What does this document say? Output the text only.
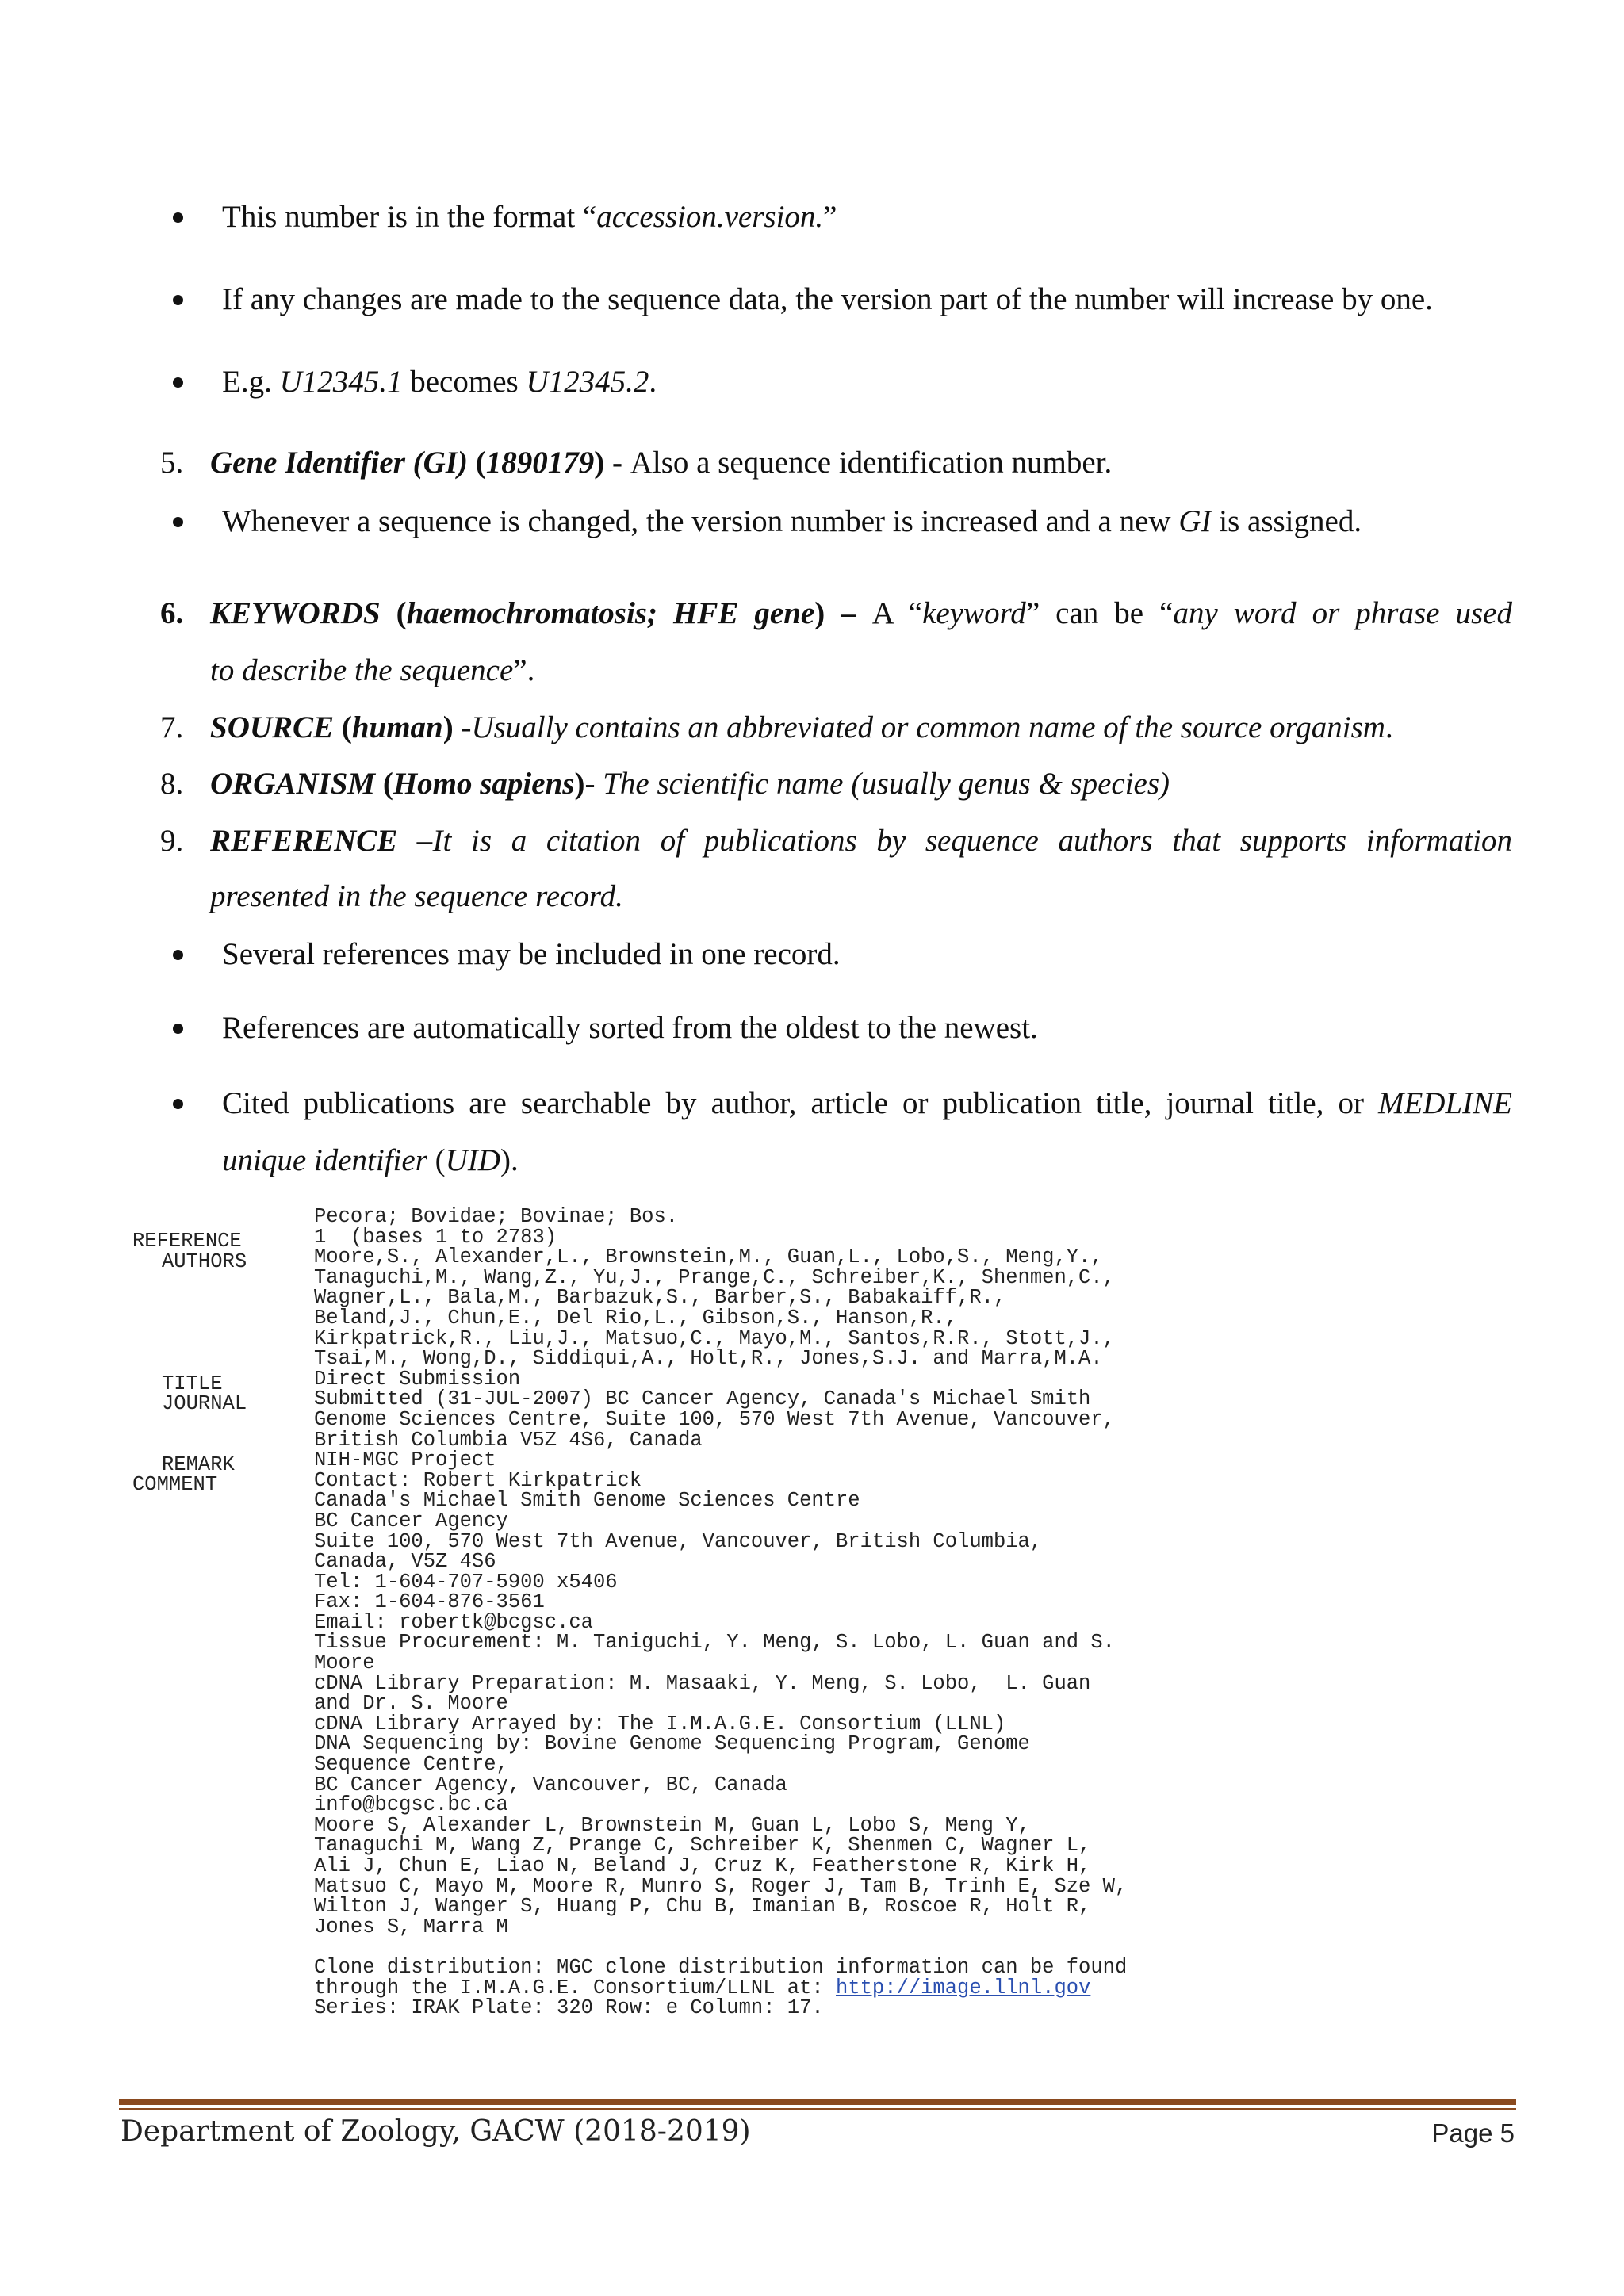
This number is in the format “accession.version.”
If any changes are made to the sequence data, the version part of the number will increase by one.
E.g. U12345.1 becomes U12345.2.
5. Gene Identifier (GI) (1890179) - Also a sequence identification number.
Whenever a sequence is changed, the version number is increased and a new GI is assigned.
6. KEYWORDS (haemochromatosis; HFE gene) – A “keyword” can be “any word or phrase used
to describe the sequence”.
7. SOURCE (human) -Usually contains an abbreviated or common name of the source organism.
8. ORGANISM (Homo sapiens)- The scientific name (usually genus & species)
9. REFERENCE –It is a citation of publications by sequence authors that supports information
presented in the sequence record.
Several references may be included in one record.
References are automatically sorted from the oldest to the newest.
Cited publications are searchable by author, article or publication title, journal title, or MEDLINE
unique identifier (UID).
REFERENCE
AUTHORS
TITLE
JOURNAL
REMARK
COMMENT
Pecora; Bovidae; Bovinae; Bos.
1  (bases 1 to 2783)
Moore,S., Alexander,L., Brownstein,M., Guan,L., Lobo,S., Meng,Y.,
Tanaguchi,M., Wang,Z., Yu,J., Prange,C., Schreiber,K., Shenmen,C.,
Wagner,L., Bala,M., Barbazuk,S., Barber,S., Babakaiff,R.,
Beland,J., Chun,E., Del Rio,L., Gibson,S., Hanson,R.,
Kirkpatrick,R., Liu,J., Matsuo,C., Mayo,M., Santos,R.R., Stott,J.,
Tsai,M., Wong,D., Siddiqui,A., Holt,R., Jones,S.J. and Marra,M.A.
Direct Submission
Submitted (31-JUL-2007) BC Cancer Agency, Canada's Michael Smith
Genome Sciences Centre, Suite 100, 570 West 7th Avenue, Vancouver,
British Columbia V5Z 4S6, Canada
NIH-MGC Project
Contact: Robert Kirkpatrick
Canada's Michael Smith Genome Sciences Centre
BC Cancer Agency
Suite 100, 570 West 7th Avenue, Vancouver, British Columbia,
Canada, V5Z 4S6
Tel: 1-604-707-5900 x5406
Fax: 1-604-876-3561
Email: robertk@bcgsc.ca
Tissue Procurement: M. Taniguchi, Y. Meng, S. Lobo, L. Guan and S.
Moore
cDNA Library Preparation: M. Masaaki, Y. Meng, S. Lobo,  L. Guan
and Dr. S. Moore
cDNA Library Arrayed by: The I.M.A.G.E. Consortium (LLNL)
DNA Sequencing by: Bovine Genome Sequencing Program, Genome
Sequence Centre,
BC Cancer Agency, Vancouver, BC, Canada
info@bcgsc.bc.ca
Moore S, Alexander L, Brownstein M, Guan L, Lobo S, Meng Y,
Tanaguchi M, Wang Z, Prange C, Schreiber K, Shenmen C, Wagner L,
Ali J, Chun E, Liao N, Beland J, Cruz K, Featherstone R, Kirk H,
Matsuo C, Mayo M, Moore R, Munro S, Roger J, Tam B, Trinh E, Sze W,
Wilton J, Wanger S, Huang P, Chu B, Imanian B, Roscoe R, Holt R,
Jones S, Marra M
Clone distribution: MGC clone distribution information can be found
through the I.M.A.G.E. Consortium/LLNL at: http://image.llnl.gov
Series: IRAK Plate: 320 Row: e Column: 17.
Department of Zoology, GACW (2018-2019)	Page 5
